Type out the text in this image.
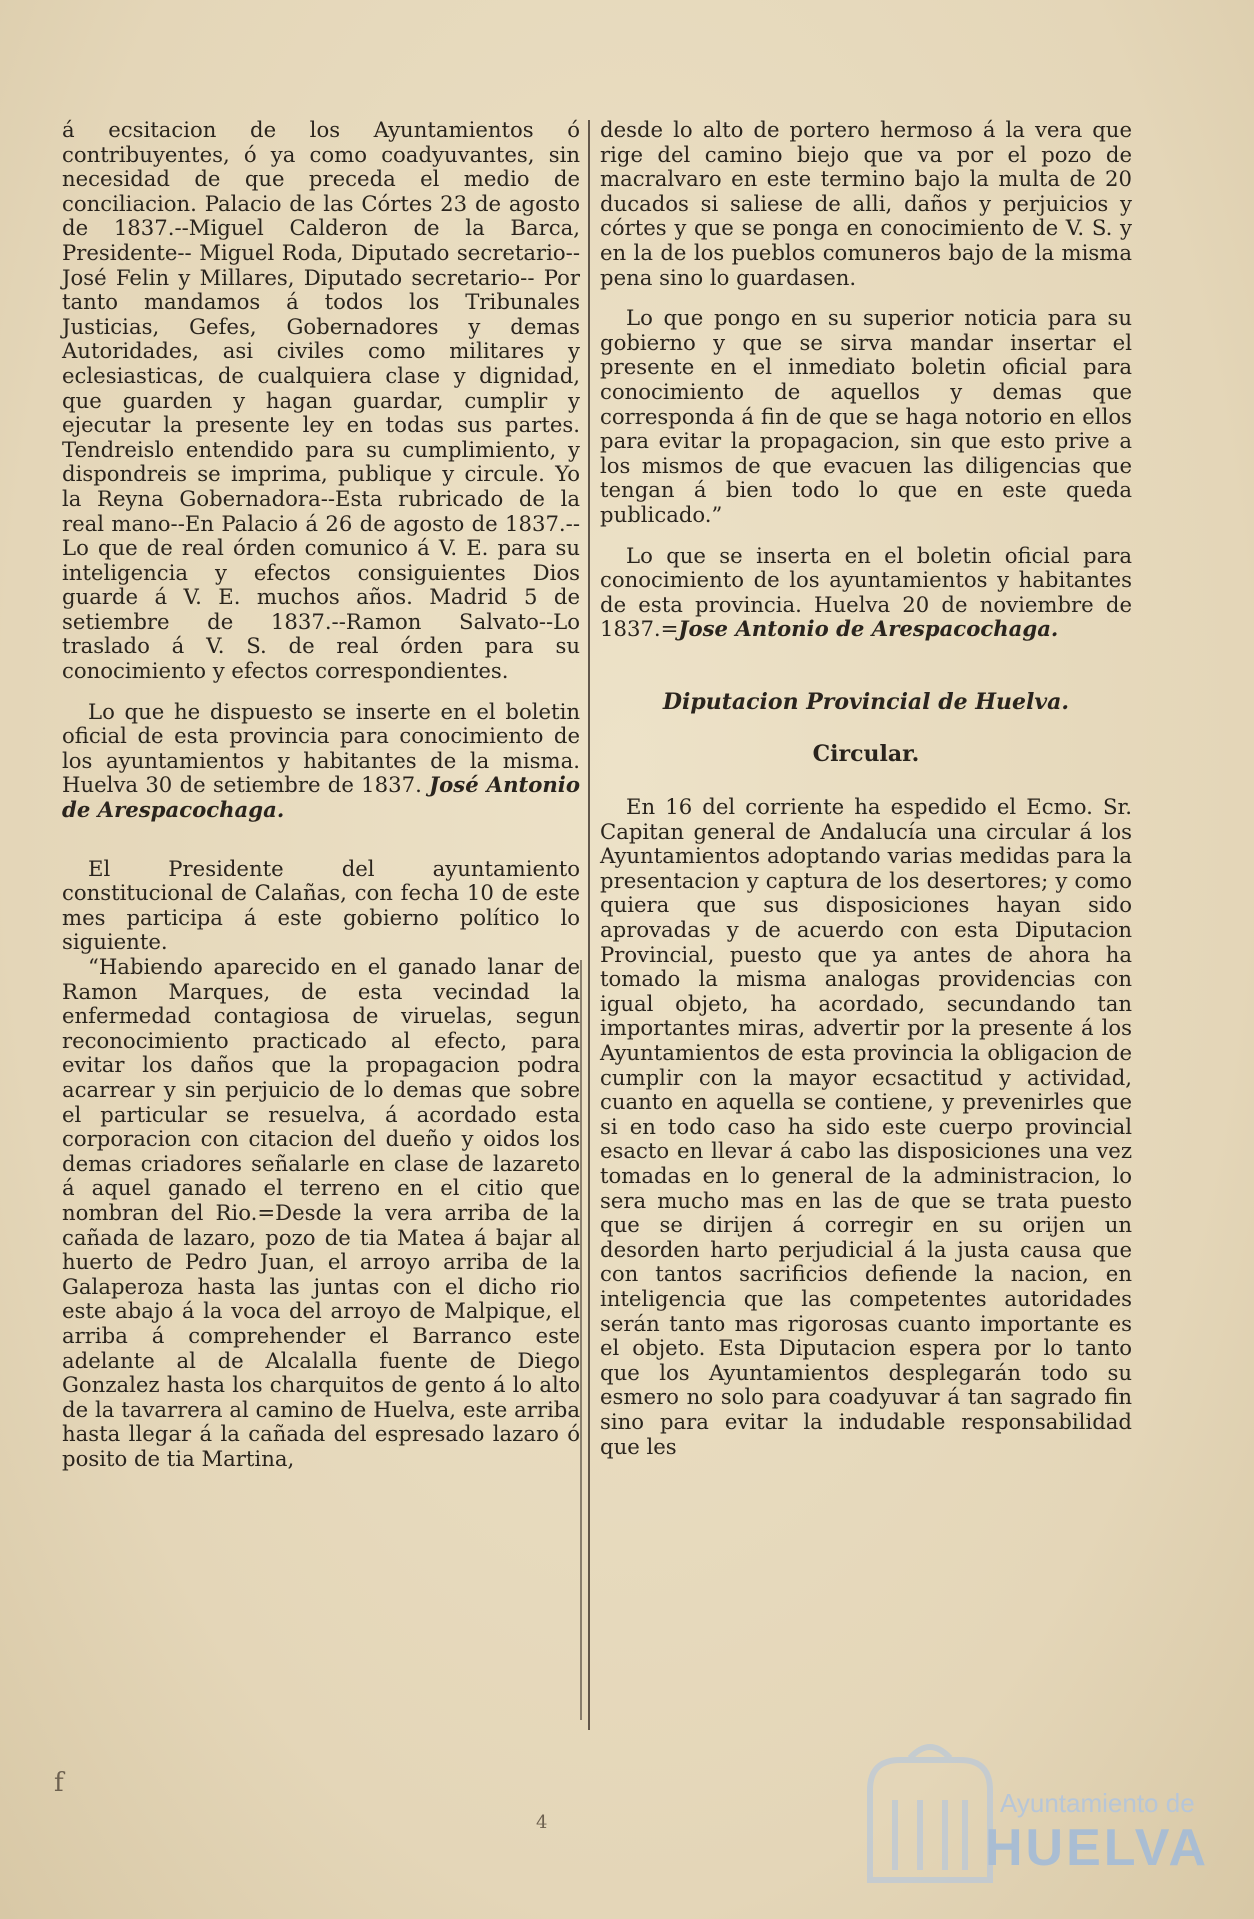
á ecsitacion de los Ayuntamientos ó contribuyentes, ó ya como coadyuvantes, sin necesidad de que preceda el medio de conciliacion. Palacio de las Córtes 23 de agosto de 1837.--Miguel Calderon de la Barca, Presidente-- Miguel Roda, Diputado secretario-- José Felin y Millares, Diputado secretario-- Por tanto mandamos á todos los Tribunales Justicias, Gefes, Gobernadores y demas Autoridades, asi civiles como militares y eclesiasticas, de cualquiera clase y dignidad, que guarden y hagan guardar, cumplir y ejecutar la presente ley en todas sus partes. Tendreislo entendido para su cumplimiento, y dispondreis se imprima, publique y circule. Yo la Reyna Gobernadora--Esta rubricado de la real mano--En Palacio á 26 de agosto de 1837.--Lo que de real órden comunico á V. E. para su inteligencia y efectos consiguientes Dios guarde á V. E. muchos años. Madrid 5 de setiembre de 1837.--Ramon Salvato--Lo traslado á V. S. de real órden para su conocimiento y efectos correspondientes.

Lo que he dispuesto se inserte en el boletin oficial de esta provincia para conocimiento de los ayuntamientos y habitantes de la misma. Huelva 30 de setiembre de 1837. José Antonio de Arespacochaga.

El Presidente del ayuntamiento constitucional de Calañas, con fecha 10 de este mes participa á este gobierno político lo siguiente.

“Habiendo aparecido en el ganado lanar de Ramon Marques, de esta vecindad la enfermedad contagiosa de viruelas, segun reconocimiento practicado al efecto, para evitar los daños que la propagacion podra acarrear y sin perjuicio de lo demas que sobre el particular se resuelva, á acordado esta corporacion con citacion del dueño y oidos los demas criadores señalarle en clase de lazareto á aquel ganado el terreno en el citio que nombran del Rio.=Desde la vera arriba de la cañada de lazaro, pozo de tia Matea á bajar al huerto de Pedro Juan, el arroyo arriba de la Galaperoza hasta las juntas con el dicho rio este abajo á la voca del arroyo de Malpique, el arriba á comprehender el Barranco este adelante al de Alcalalla fuente de Diego Gonzalez hasta los charquitos de gento á lo alto de la tavarrera al camino de Huelva, este arriba hasta llegar á la cañada del espresado lazaro ó posito de tia Martina,

desde lo alto de portero hermoso á la vera que rige del camino biejo que va por el pozo de macralvaro en este termino bajo la multa de 20 ducados si saliese de alli, daños y perjuicios y córtes y que se ponga en conocimiento de V. S. y en la de los pueblos comuneros bajo de la misma pena sino lo guardasen.

Lo que pongo en su superior noticia para su gobierno y que se sirva mandar insertar el presente en el inmediato boletin oficial para conocimiento de aquellos y demas que corresponda á fin de que se haga notorio en ellos para evitar la propagacion, sin que esto prive a los mismos de que evacuen las diligencias que tengan á bien todo lo que en este queda publicado.”

Lo que se inserta en el boletin oficial para conocimiento de los ayuntamientos y habitantes de esta provincia. Huelva 20 de noviembre de 1837.=Jose Antonio de Arespacochaga.

Diputacion Provincial de Huelva.
Circular.

En 16 del corriente ha espedido el Ecmo. Sr. Capitan general de Andalucía una circular á los Ayuntamientos adoptando varias medidas para la presentacion y captura de los desertores; y como quiera que sus disposiciones hayan sido aprovadas y de acuerdo con esta Diputacion Provincial, puesto que ya antes de ahora ha tomado la misma analogas providencias con igual objeto, ha acordado, secundando tan importantes miras, advertir por la presente á los Ayuntamientos de esta provincia la obligacion de cumplir con la mayor ecsactitud y actividad, cuanto en aquella se contiene, y prevenirles que si en todo caso ha sido este cuerpo provincial esacto en llevar á cabo las disposiciones una vez tomadas en lo general de la administracion, lo sera mucho mas en las de que se trata puesto que se dirijen á corregir en su orijen un desorden harto perjudicial á la justa causa que con tantos sacrificios defiende la nacion, en inteligencia que las competentes autoridades serán tanto mas rigorosas cuanto importante es el objeto. Esta Diputacion espera por lo tanto que los Ayuntamientos desplegarán todo su esmero no solo para coadyuvar á tan sagrado fin sino para evitar la indudable responsabilidad que les

Ayuntamiento de
HUELVA
f
4
